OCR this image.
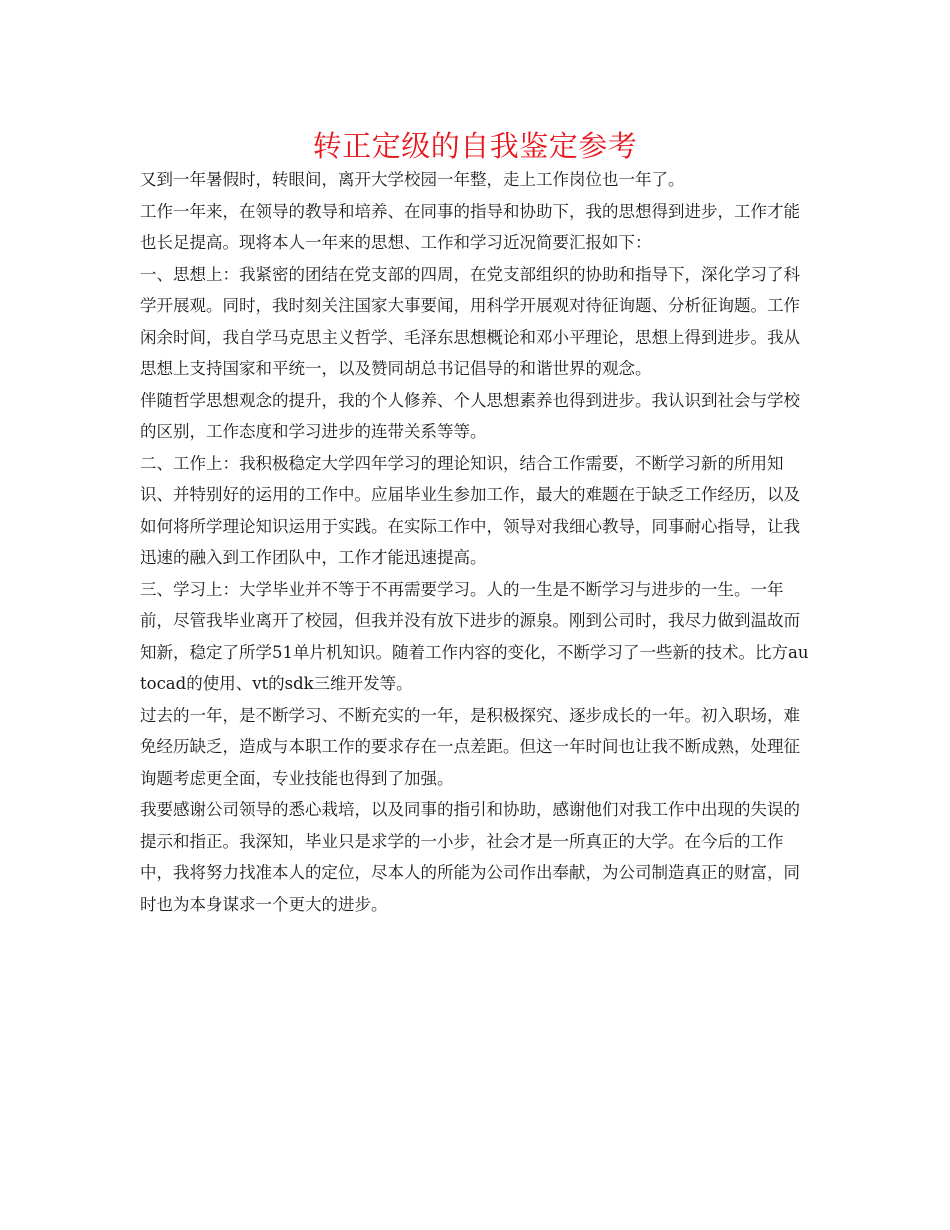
转正定级的自我鉴定参考

又到一年暑假时，转眼间，离开大学校园一年整，走上工作岗位也一年了。

工作一年来，在领导的教导和培养、在同事的指导和协助下，我的思想得到进步，工作才能也长足提高。现将本人一年来的思想、工作和学习近况简要汇报如下：

一、思想上：我紧密的团结在党支部的四周，在党支部组织的协助和指导下，深化学习了科学开展观。同时，我时刻关注国家大事要闻，用科学开展观对待征询题、分析征询题。工作闲余时间，我自学马克思主义哲学、毛泽东思想概论和邓小平理论，思想上得到进步。我从思想上支持国家和平统一，以及赞同胡总书记倡导的和谐世界的观念。

伴随哲学思想观念的提升，我的个人修养、个人思想素养也得到进步。我认识到社会与学校的区别，工作态度和学习进步的连带关系等等。

二、工作上：我积极稳定大学四年学习的理论知识，结合工作需要，不断学习新的所用知识、并特别好的运用的工作中。应届毕业生参加工作，最大的难题在于缺乏工作经历，以及如何将所学理论知识运用于实践。在实际工作中，领导对我细心教导，同事耐心指导，让我迅速的融入到工作团队中，工作才能迅速提高。

三、学习上：大学毕业并不等于不再需要学习。人的一生是不断学习与进步的一生。一年前，尽管我毕业离开了校园，但我并没有放下进步的源泉。刚到公司时，我尽力做到温故而知新，稳定了所学51单片机知识。随着工作内容的变化，不断学习了一些新的技术。比方autocad的使用、vt的sdk三维开发等。

过去的一年，是不断学习、不断充实的一年，是积极探究、逐步成长的一年。初入职场，难免经历缺乏，造成与本职工作的要求存在一点差距。但这一年时间也让我不断成熟，处理征询题考虑更全面，专业技能也得到了加强。

我要感谢公司领导的悉心栽培，以及同事的指引和协助，感谢他们对我工作中出现的失误的提示和指正。我深知，毕业只是求学的一小步，社会才是一所真正的大学。在今后的工作中，我将努力找准本人的定位，尽本人的所能为公司作出奉献，为公司制造真正的财富，同时也为本身谋求一个更大的进步。
